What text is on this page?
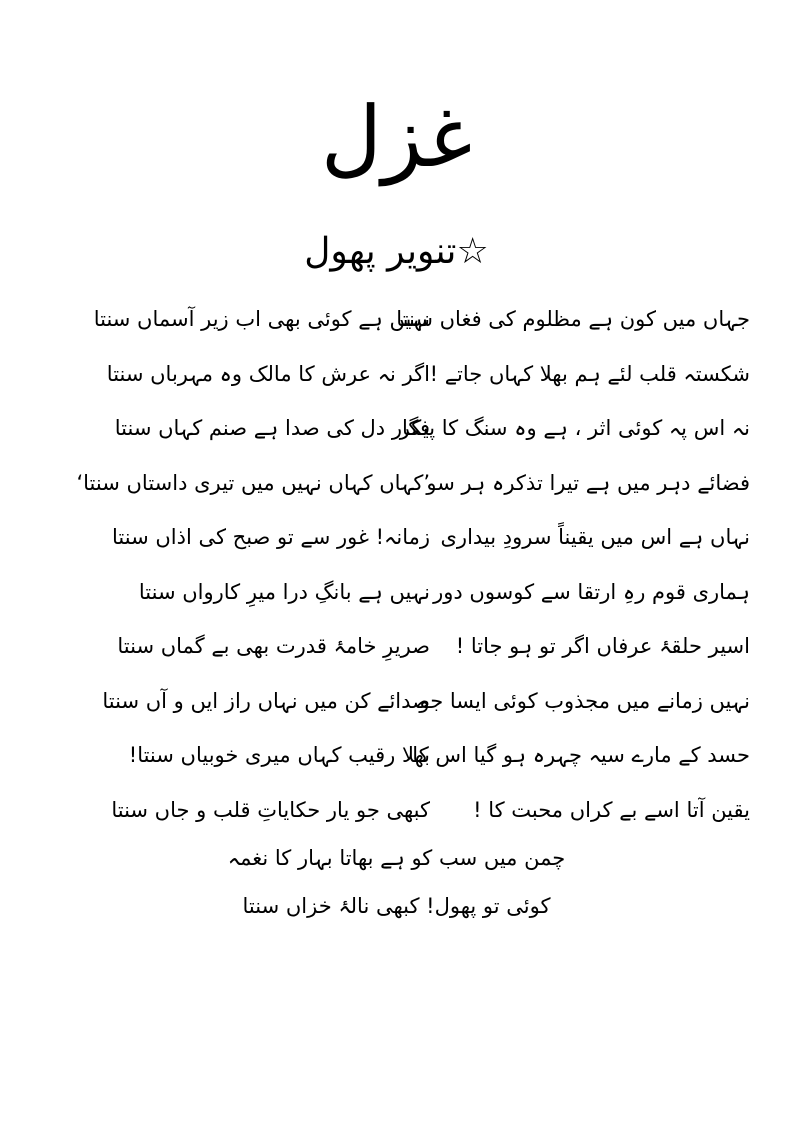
غزل
☆تنویر پھول
جہاں میں کون ہے مظلوم کی فغاں سنتا
نہیں ہے کوئی بھی اب زیر آسماں سنتا
شکستہ قلب لئے ہم بھلا کہاں جاتے !
اگر نہ عرش کا مالک وہ مہرباں سنتا
نہ اس پہ کوئی اثر ، ہے وہ سنگ کا پیکر
فگار دل کی صدا ہے صنم کہاں سنتا
فضائے دہر میں ہے تیرا تذکرہ ہر سو
’کہاں کہاں نہیں میں تیری داستاں سنتا‘
نہاں ہے اس میں یقیناً سرودِ بیداری
زمانہ! غور سے تو صبح کی اذاں سنتا
ہماری قوم رہِ ارتقا سے کوسوں دور
نہیں ہے بانگِ درا میرِ کارواں سنتا
اسیر حلقۂ عرفاں اگر تو ہو جاتا !
صریرِ خامۂ قدرت بھی بے گماں سنتا
نہیں زمانے میں مجذوب کوئی ایسا جو
صدائے کن میں نہاں راز ایں و آں سنتا
حسد کے مارے سیہ چہرہ ہو گیا اس کا
بھلا رقیب کہاں میری خوبیاں سنتا!
یقین آتا اسے بے کراں محبت کا !
کبھی جو یار حکایاتِ قلب و جاں سنتا
چمن میں سب کو ہے بھاتا بہار کا نغمہ
کوئی تو پھول! کبھی نالۂ خزاں سنتا
